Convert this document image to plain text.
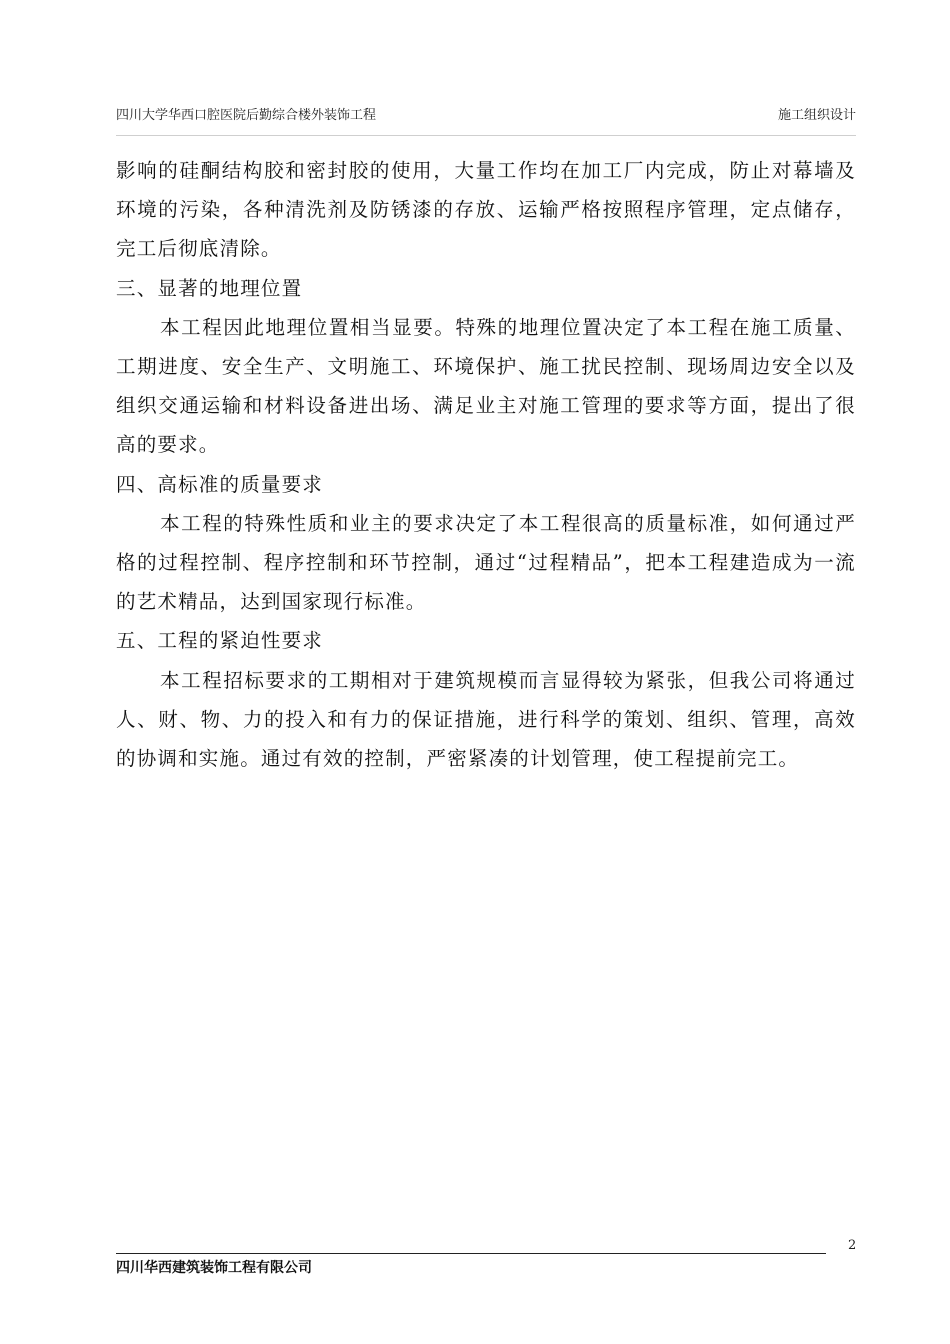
四川大学华西口腔医院后勤综合楼外装饰工程	施工组织设计

影响的硅酮结构胶和密封胶的使用，大量工作均在加工厂内完成，防止对幕墙及环境的污染，各种清洗剂及防锈漆的存放、运输严格按照程序管理，定点储存，完工后彻底清除。

三、显著的地理位置

本工程因此地理位置相当显要。特殊的地理位置决定了本工程在施工质量、工期进度、安全生产、文明施工、环境保护、施工扰民控制、现场周边安全以及组织交通运输和材料设备进出场、满足业主对施工管理的要求等方面，提出了很高的要求。

四、高标准的质量要求

本工程的特殊性质和业主的要求决定了本工程很高的质量标准，如何通过严格的过程控制、程序控制和环节控制，通过“过程精品”，把本工程建造成为一流的艺术精品，达到国家现行标准。

五、工程的紧迫性要求

本工程招标要求的工期相对于建筑规模而言显得较为紧张，但我公司将通过人、财、物、力的投入和有力的保证措施，进行科学的策划、组织、管理，高效的协调和实施。通过有效的控制，严密紧凑的计划管理，使工程提前完工。

2
四川华西建筑装饰工程有限公司
